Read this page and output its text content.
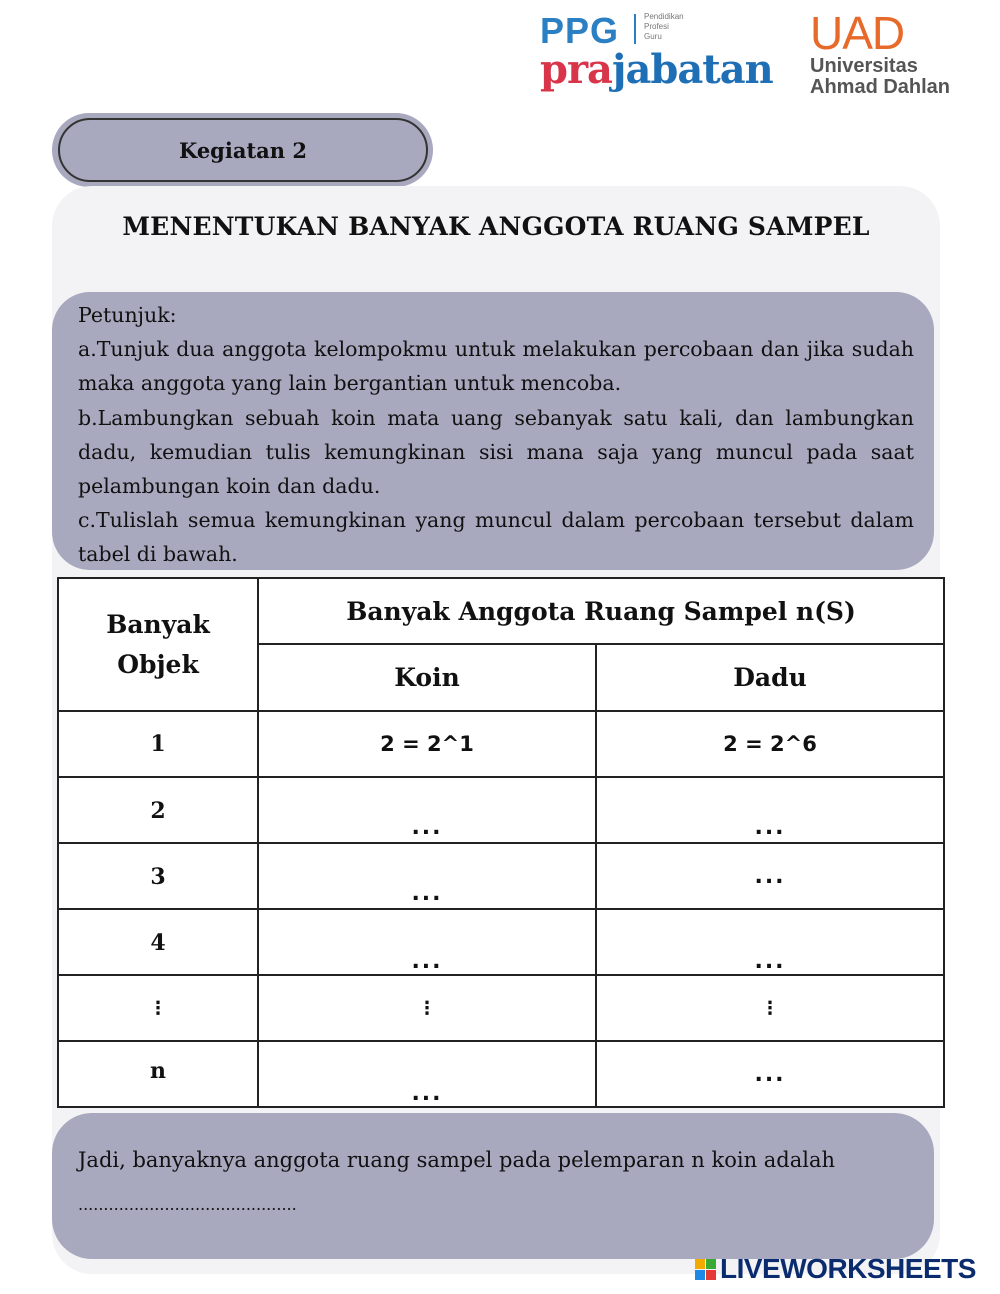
PPG	Pendidikan
Profesi
Guru
prajabatan
UAD
Universitas
Ahmad Dahlan
Kegiatan 2
MENENTUKAN BANYAK ANGGOTA RUANG SAMPEL

Petunjuk:

a.Tunjuk dua anggota kelompokmu untuk melakukan percobaan dan jika sudah maka anggota yang lain bergantian untuk mencoba.

b.Lambungkan sebuah koin mata uang sebanyak satu kali, dan lambungkan dadu, kemudian tulis kemungkinan sisi mana saja yang muncul pada saat pelambungan koin dan dadu.

c.Tulislah semua kemungkinan yang muncul dalam percobaan tersebut dalam tabel di bawah.

Banyak Objek	Banyak Anggota Ruang Sampel n(S)	
	Koin	Dadu
1	2 = 2^1	2 = 2^6
2	...	...
3	...	...
4	...	...
⋮	⋮	⋮
n	...	...
Jadi, banyaknya anggota ruang sampel pada pelemparan n koin adalah
...........................................
LIVEWORKSHEETS
